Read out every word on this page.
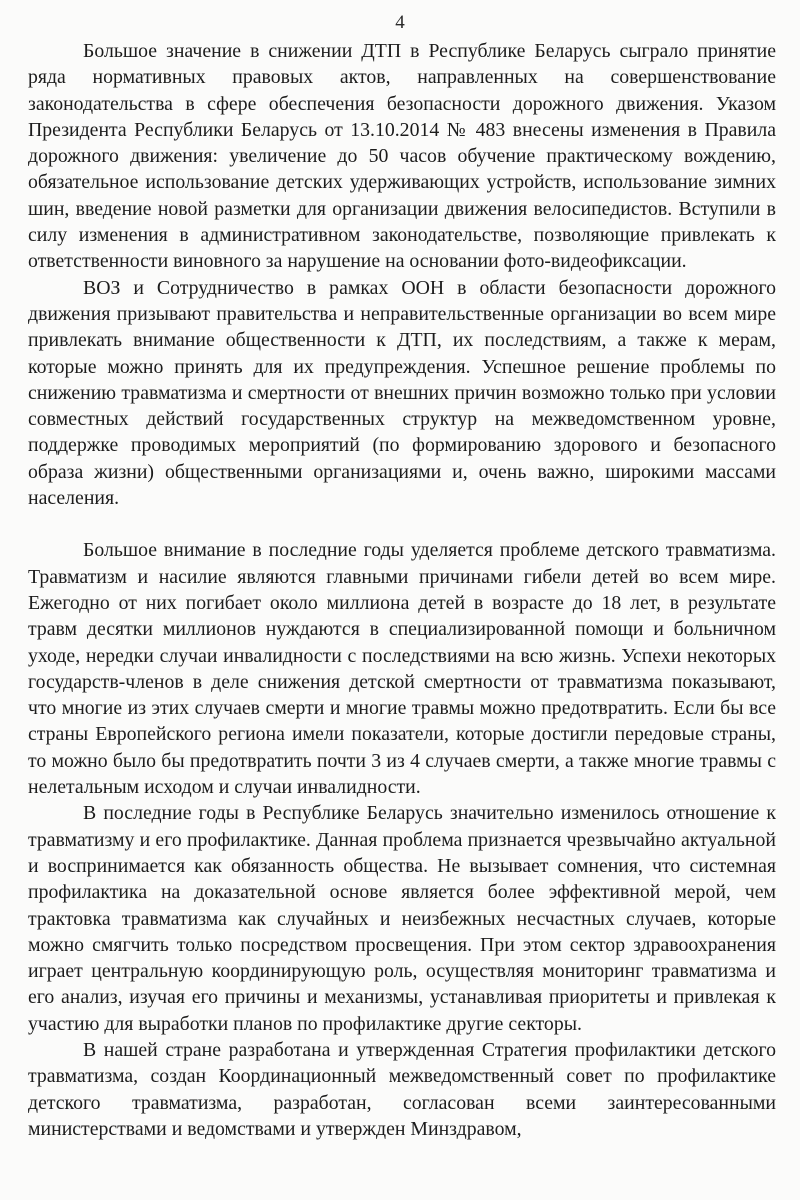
4

Большое значение в снижении ДТП в Республике Беларусь сыграло принятие ряда нормативных правовых актов, направленных на совершенствование законодательства в сфере обеспечения безопасности дорожного движения. Указом Президента Республики Беларусь от 13.10.2014 № 483 внесены изменения в Правила дорожного движения: увеличение до 50 часов обучение практическому вождению, обязательное использование детских удерживающих устройств, использование зимних шин, введение новой разметки для организации движения велосипедистов. Вступили в силу изменения в административном законодательстве, позволяющие привлекать к ответственности виновного за нарушение на основании фото-видеофиксации.

ВОЗ и Сотрудничество в рамках ООН в области безопасности дорожного движения призывают правительства и неправительственные организации во всем мире привлекать внимание общественности к ДТП, их последствиям, а также к мерам, которые можно принять для их предупреждения. Успешное решение проблемы по снижению травматизма и смертности от внешних причин возможно только при условии совместных действий государственных структур на межведомственном уровне, поддержке проводимых мероприятий (по формированию здорового и безопасного образа жизни) общественными организациями и, очень важно, широкими массами населения.

Большое внимание в последние годы уделяется проблеме детского травматизма. Травматизм и насилие являются главными причинами гибели детей во всем мире. Ежегодно от них погибает около миллиона детей в возрасте до 18 лет, в результате травм десятки миллионов нуждаются в специализированной помощи и больничном уходе, нередки случаи инвалидности с последствиями на всю жизнь. Успехи некоторых государств-членов в деле снижения детской смертности от травматизма показывают, что многие из этих случаев смерти и многие травмы можно предотвратить. Если бы все страны Европейского региона имели показатели, которые достигли передовые страны, то можно было бы предотвратить почти 3 из 4 случаев смерти, а также многие травмы с нелетальным исходом и случаи инвалидности.

В последние годы в Республике Беларусь значительно изменилось отношение к травматизму и его профилактике. Данная проблема признается чрезвычайно актуальной и воспринимается как обязанность общества. Не вызывает сомнения, что системная профилактика на доказательной основе является более эффективной мерой, чем трактовка травматизма как случайных и неизбежных несчастных случаев, которые можно смягчить только посредством просвещения. При этом сектор здравоохранения играет центральную координирующую роль, осуществляя мониторинг травматизма и его анализ, изучая его причины и механизмы, устанавливая приоритеты и привлекая к участию для выработки планов по профилактике другие секторы.

В нашей стране разработана и утвержденная Стратегия профилактики детского травматизма, создан Координационный межведомственный совет по профилактике детского травматизма, разработан, согласован всеми заинтересованными министерствами и ведомствами и утвержден Минздравом,
